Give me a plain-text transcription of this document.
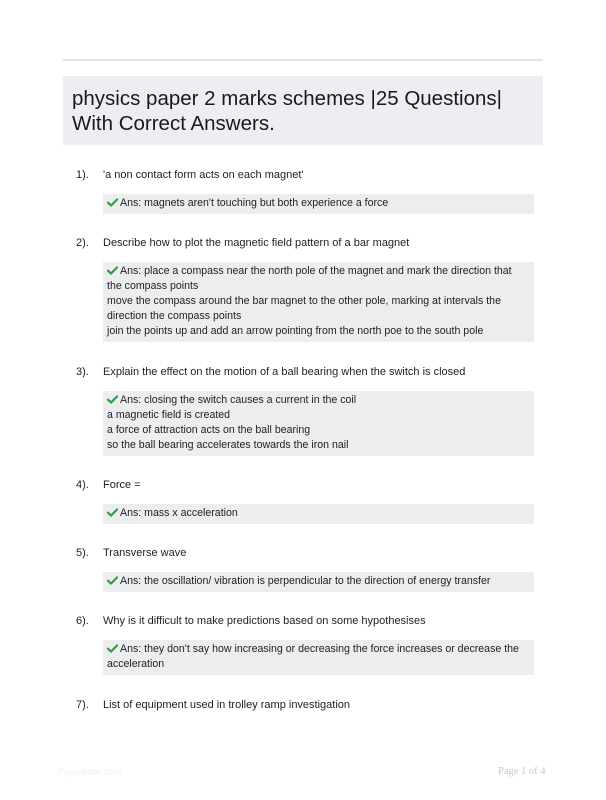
physics paper 2 marks schemes |25 Questions| With Correct Answers.
1). 'a non contact form acts on each magnet'
Ans: magnets aren't touching but both experience a force
2). Describe how to plot the magnetic field pattern of a bar magnet
Ans: place a compass near the north pole of the magnet and mark the direction that the compass points
move the compass around the bar magnet to the other pole, marking at intervals the direction the compass points
join the points up and add an arrow pointing from the north poe to the south pole
3). Explain the effect on the motion of a ball bearing when the switch is closed
Ans: closing the switch causes a current in the coil
a magnetic field is created
a force of attraction acts on the ball bearing
so the ball bearing accelerates towards the iron nail
4). Force =
Ans: mass x acceleration
5). Transverse wave
Ans: the oscillation/ vibration is perpendicular to the direction of energy transfer
6). Why is it difficult to make predictions based on some hypothesises
Ans: they don't say how increasing or decreasing the force increases or decrease the acceleration
7). List of equipment used in trolley ramp investigation
PaperBible.com	Page 1 of 4
